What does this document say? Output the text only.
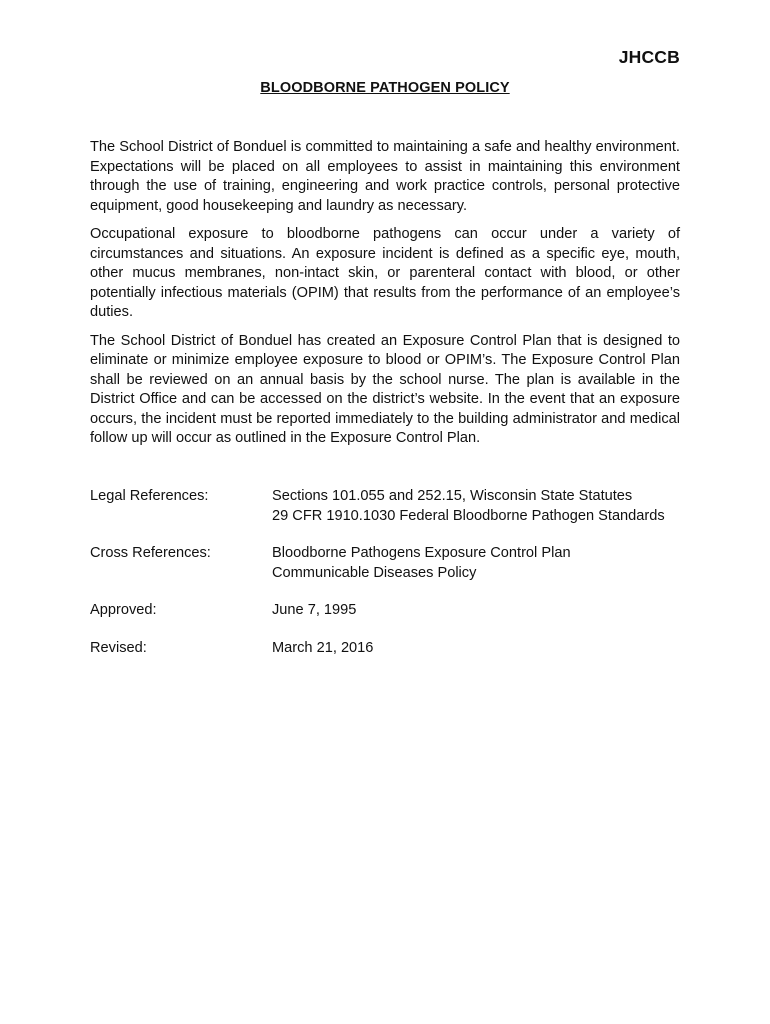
JHCCB
BLOODBORNE PATHOGEN POLICY

The School District of Bonduel is committed to maintaining a safe and healthy environment. Expectations will be placed on all employees to assist in maintaining this environment through the use of training, engineering and work practice controls, personal protective equipment, good housekeeping and laundry as necessary.

Occupational exposure to bloodborne pathogens can occur under a variety of circumstances and situations. An exposure incident is defined as a specific eye, mouth, other mucus membranes, non-intact skin, or parenteral contact with blood, or other potentially infectious materials (OPIM) that results from the performance of an employee’s duties.

The School District of Bonduel has created an Exposure Control Plan that is designed to eliminate or minimize employee exposure to blood or OPIM’s. The Exposure Control Plan shall be reviewed on an annual basis by the school nurse. The plan is available in the District Office and can be accessed on the district’s website. In the event that an exposure occurs, the incident must be reported immediately to the building administrator and medical follow up will occur as outlined in the Exposure Control Plan.

Legal References:	Sections 101.055 and 252.15, Wisconsin State Statutes
29 CFR 1910.1030 Federal Bloodborne Pathogen Standards
Cross References:	Bloodborne Pathogens Exposure Control Plan
Communicable Diseases Policy
Approved:	June 7, 1995
Revised:	March 21, 2016
